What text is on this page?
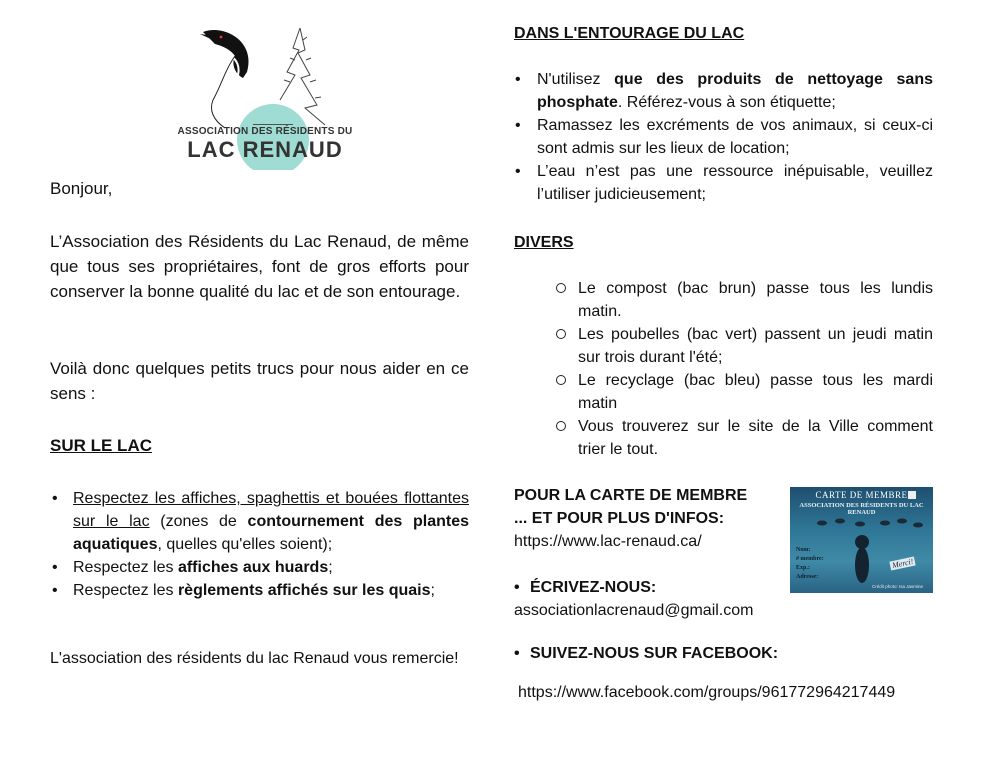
ASSOCIATION DES RÉSIDENTS DU
LAC RENAUD
Bonjour,
L’Association des Résidents du Lac Renaud, de même que tous ses propriétaires, font de gros efforts pour conserver la bonne qualité du lac et de son entourage.
Voilà donc quelques petits trucs pour nous aider en ce sens :
SUR LE LAC
• Respectez les affiches, spaghettis et bouées flottantes sur le lac (zones de contournement des plantes aquatiques, quelles qu'elles soient);
• Respectez les affiches aux huards;
• Respectez les règlements affichés sur les quais;
L'association des résidents du lac Renaud vous remercie!
DANS L'ENTOURAGE DU LAC
• N'utilisez que des produits de nettoyage sans phosphate. Référez-vous à son étiquette;
• Ramassez les excréments de vos animaux, si ceux-ci sont admis sur les lieux de location;
• L’eau n’est pas une ressource inépuisable, veuillez l’utiliser judicieusement;
DIVERS
Le compost (bac brun) passe tous les lundis matin.
Les poubelles (bac vert) passent un jeudi matin sur trois durant l'été;
Le recyclage (bac bleu) passe tous les mardi matin
Vous trouverez sur le site de la Ville comment trier le tout.
POUR LA CARTE DE MEMBRE
... ET POUR PLUS D'INFOS:
https://www.lac-renaud.ca/
• ÉCRIVEZ-NOUS:
associationlacrenaud@gmail.com
• SUIVEZ-NOUS SUR FACEBOOK:
https://www.facebook.com/groups/961772964217449
CARTE DE MEMBRE
ASSOCIATION DES RÉSIDENTS DU LAC RENAUD
Nom:
# membre:
Exp.:
Adresse:
Merci!
Crédit photo: Isa Jasmine
